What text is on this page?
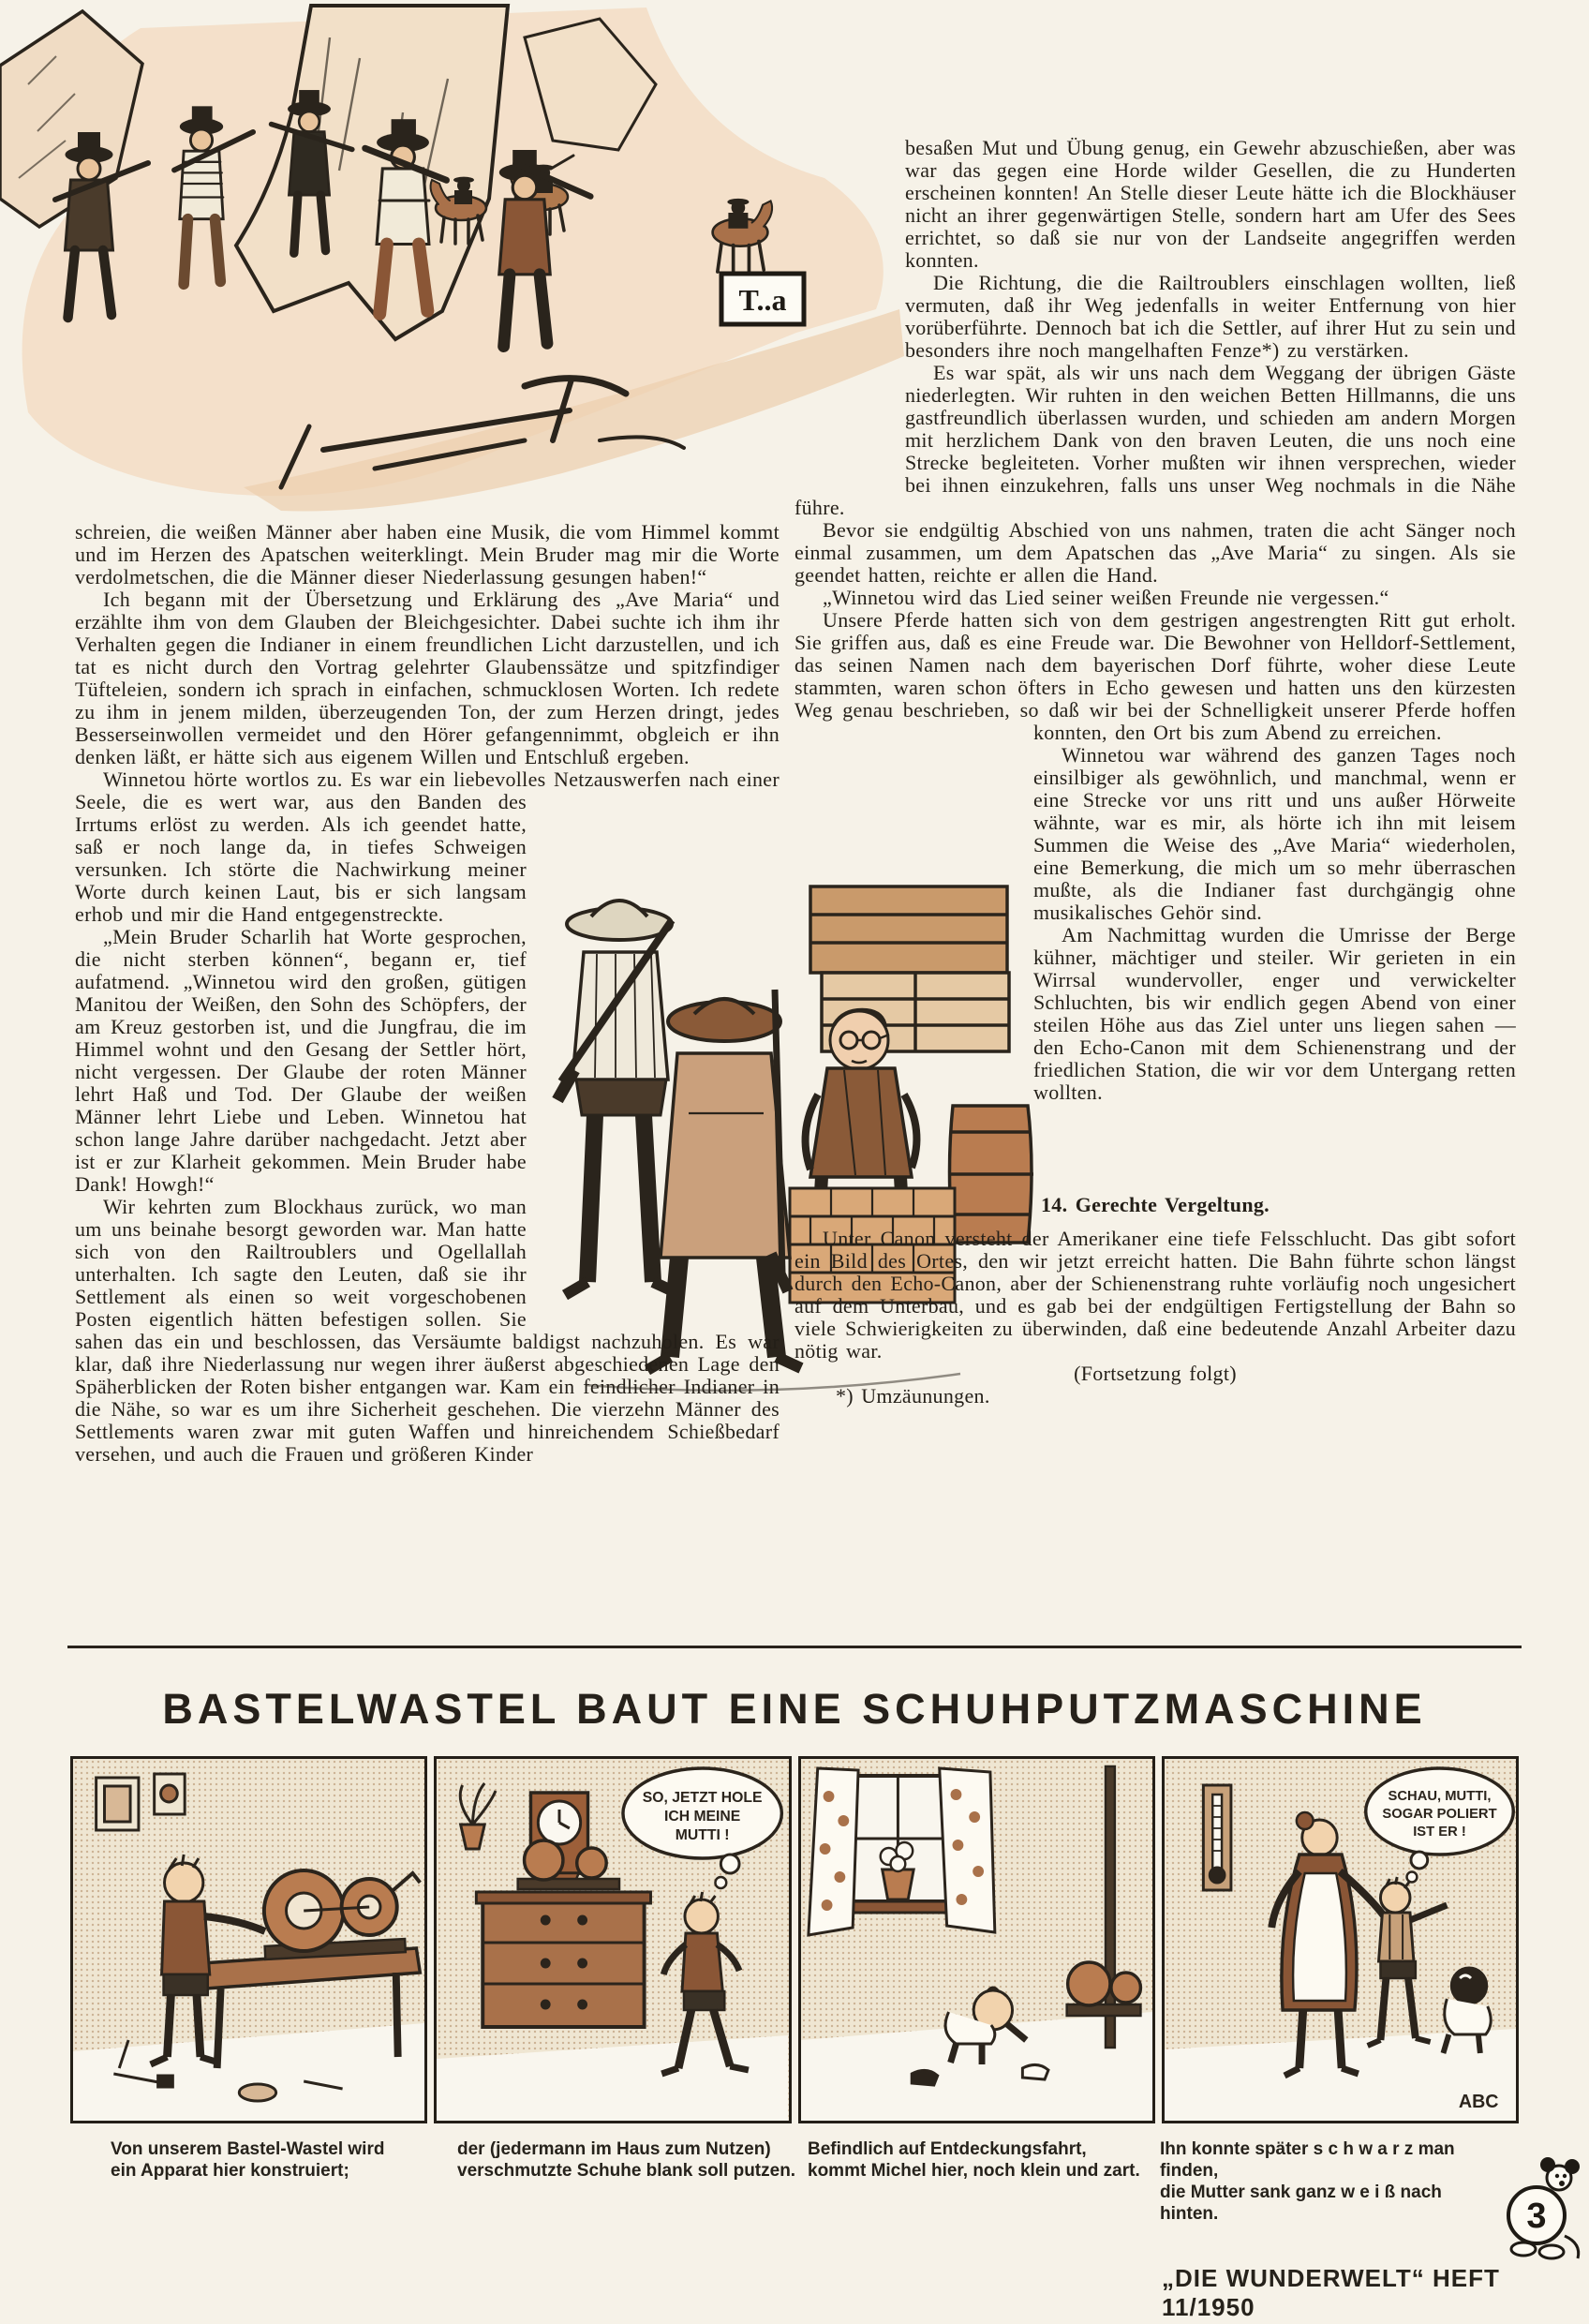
T..a

schreien, die weißen Männer aber haben eine Musik, die vom Himmel kommt und im Herzen des Apatschen weiterklingt. Mein Bruder mag mir die Worte verdolmetschen, die die Männer dieser Niederlassung gesungen haben!“

Ich begann mit der Übersetzung und Erklärung des „Ave Maria“ und erzählte ihm von dem Glauben der Bleichgesichter. Dabei suchte ich ihm ihr Verhalten gegen die Indianer in einem freundlichen Licht darzustellen, und ich tat es nicht durch den Vortrag gelehrter Glaubenssätze und spitzfindiger Tüfteleien, sondern ich sprach in einfachen, schmucklosen Worten. Ich redete zu ihm in jenem milden, überzeugenden Ton, der zum Herzen dringt, jedes Besserseinwollen vermeidet und den Hörer gefangennimmt, obgleich er ihn denken läßt, er hätte sich aus eigenem Willen und Entschluß ergeben.

Winnetou hörte wortlos zu. Es war ein liebevolles Netzauswerfen nach einer Seele, die es wert war, aus den Banden
des Irrtums erlöst zu werden. Als ich geendet hatte, saß er noch lange da, in tiefes Schweigen versunken. Ich störte die Nachwirkung meiner Worte durch keinen Laut, bis er sich langsam erhob und mir die Hand entgegenstreckte.

„Mein Bruder Scharlih hat Worte gesprochen, die nicht sterben können“, begann er, tief aufatmend. „Winnetou wird den großen, gütigen Manitou der Weißen, den Sohn des Schöpfers, der am Kreuz gestorben ist, und die Jungfrau, die im Himmel wohnt und den Gesang der Settler hört, nicht vergessen. Der Glaube der roten Männer lehrt Haß und Tod. Der Glaube der weißen Männer lehrt Liebe und Leben. Winnetou hat schon lange Jahre darüber nachgedacht. Jetzt aber ist er zur Klarheit gekommen. Mein Bruder habe Dank! Howgh!“

Wir kehrten zum Blockhaus zurück, wo man um uns beinahe besorgt geworden war. Man hatte sich von den Railtroublers und Ogellallah unterhalten. Ich sagte den Leuten, daß sie ihr Settlement als einen so weit vorgeschobenen Posten eigentlich hätten befestigen sollen. Sie sahen das ein und beschlossen, das Versäumte baldigst nachzuholen. Es war klar, daß ihre Niederlassung nur wegen ihrer äußerst abgeschiedenen Lage den Späherblicken der Roten bisher entgangen war. Kam ein feindlicher Indianer in die Nähe, so war es um ihre Sicherheit geschehen. Die vierzehn Männer des Settlements waren zwar mit guten Waffen und hinreichendem Schießbedarf versehen, und auch die Frauen und größeren Kinder

besaßen Mut und Übung genug, ein Gewehr abzuschießen, aber was war das gegen eine Horde wilder Gesellen, die zu Hunderten erscheinen konnten! An Stelle dieser Leute hätte ich die Blockhäuser nicht an ihrer gegenwärtigen Stelle, sondern hart am Ufer des Sees errichtet, so daß sie nur von der Landseite angegriffen werden konnten.

Die Richtung, die die Railtroublers einschlagen wollten, ließ vermuten, daß ihr Weg jedenfalls in weiter Entfernung von hier vorüberführte. Dennoch bat ich die Settler, auf ihrer Hut zu sein und besonders ihre noch mangelhaften Fenze*) zu verstärken.

Es war spät, als wir uns nach dem Weggang der übrigen Gäste niederlegten. Wir ruhten in den weichen Betten Hillmanns, die uns gastfreundlich überlassen wurden, und schieden am andern Morgen mit herzlichem Dank von den braven Leuten, die uns noch eine Strecke begleiteten. Vorher mußten wir ihnen versprechen, wieder bei ihnen einzukehren, falls uns unser Weg nochmals in die Nähe führe.

Bevor sie endgültig Abschied von uns nahmen, traten die acht Sänger noch einmal zusammen, um dem Apatschen das „Ave Maria“ zu singen. Als sie geendet hatten, reichte er allen die Hand.

„Winnetou wird das Lied seiner weißen Freunde nie vergessen.“

Unsere Pferde hatten sich von dem gestrigen angestrengten Ritt gut erholt. Sie griffen aus, daß es eine Freude war. Die Bewohner von Helldorf-Settlement, das seinen Namen nach dem bayerischen Dorf führte, woher diese Leute stammten, waren schon öfters in Echo gewesen und hatten uns den kürzesten Weg genau beschrieben, so daß wir bei der Schnelligkeit unserer Pferde hoffen konnten, den Ort bis zum Abend
zu erreichen.

Winnetou war während des ganzen Tages noch einsilbiger als gewöhnlich, und manchmal, wenn er eine Strecke vor uns ritt und uns außer Hörweite wähnte, war es mir, als hörte ich ihn mit leisem Summen die Weise des „Ave Maria“ wiederholen, eine Bemerkung, die mich um so mehr überraschen mußte, als die Indianer fast durchgängig ohne musikalisches Gehör sind.

Am Nachmittag wurden die Umrisse der Berge kühner, mächtiger und steiler. Wir gerieten in ein Wirrsal wundervoller, enger und verwickelter Schluchten, bis wir endlich gegen Abend von einer steilen Höhe aus das Ziel unter uns liegen sahen — den Echo-Canon mit dem Schienenstrang und der friedlichen Station, die wir vor dem Untergang retten wollten.

14. Gerechte Vergeltung.

Unter Canon versteht der Amerikaner eine tiefe Felsschlucht. Das gibt sofort ein Bild des Ortes, den wir jetzt erreicht hatten. Die Bahn führte schon längst durch den Echo-Canon, aber der Schienenstrang ruhte vorläufig noch ungesichert auf dem Unterbau, und es gab bei der endgültigen Fertigstellung der Bahn so viele Schwierigkeiten zu überwinden, daß eine bedeutende Anzahl Arbeiter dazu nötig war.

(Fortsetzung folgt)

*) Umzäunungen.

BASTELWASTEL BAUT EINE SCHUHPUTZMASCHINE
SO, JETZT HOLE
ICH MEINE
MUTTI !
SCHAU, MUTTI,
SOGAR POLIERT
IST ER !
ABC
Von unserem Bastel-Wastel wird
ein Apparat hier konstruiert;
der (jedermann im Haus zum Nutzen)
verschmutzte Schuhe blank soll putzen.
Befindlich auf Entdeckungsfahrt,
kommt Michel hier, noch klein und zart.
Ihn konnte später s c h w a r z man finden,
die Mutter sank ganz w e i ß nach hinten.	3
„DIE WUNDERWELT“ HEFT 11/1950
